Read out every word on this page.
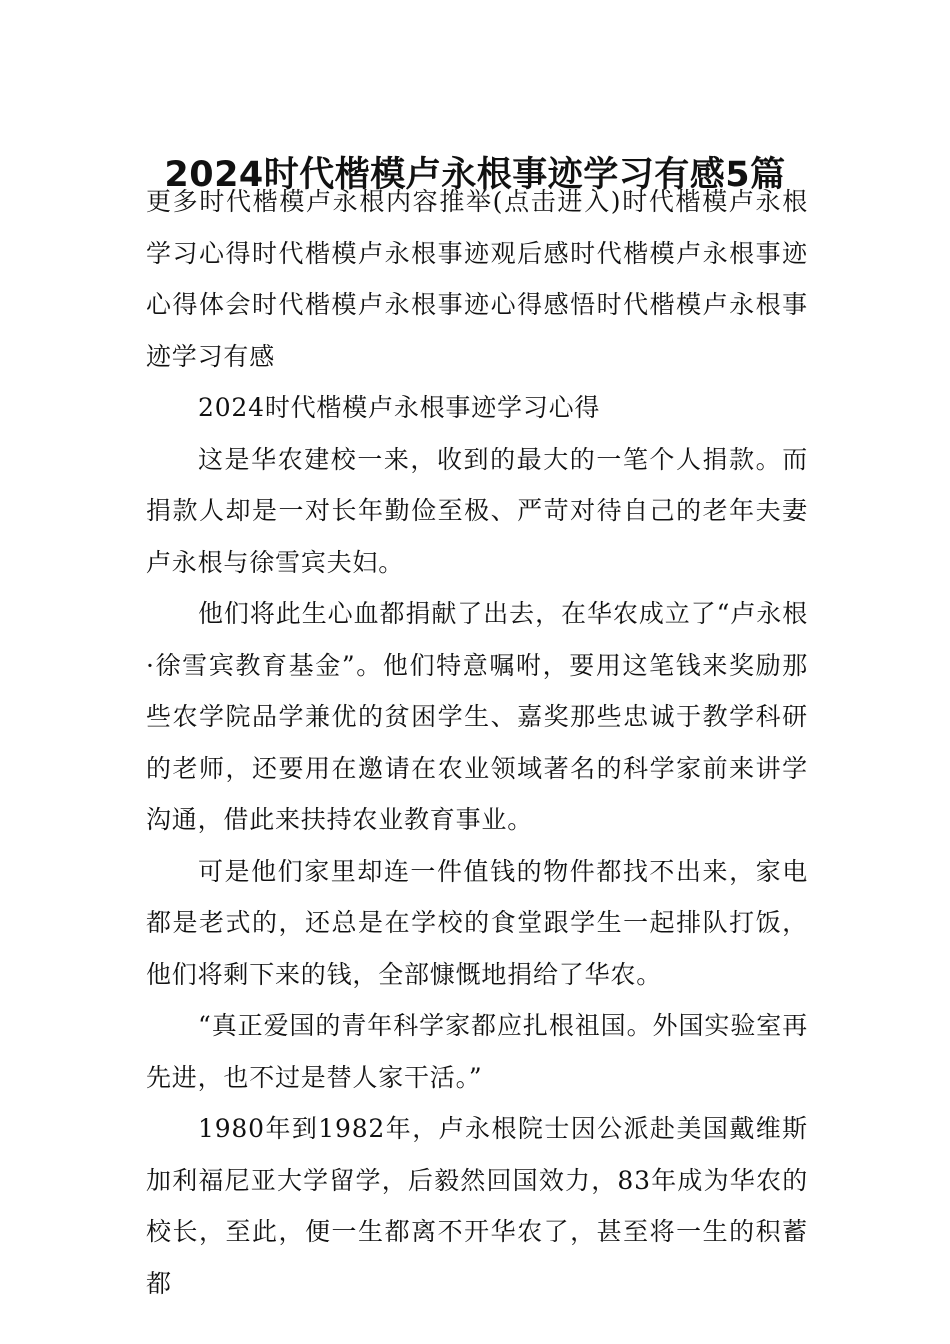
2024时代楷模卢永根事迹学习有感5篇

更多时代楷模卢永根内容推举(点击进入)时代楷模卢永根学习心得时代楷模卢永根事迹观后感时代楷模卢永根事迹心得体会时代楷模卢永根事迹心得感悟时代楷模卢永根事迹学习有感

2024时代楷模卢永根事迹学习心得

这是华农建校一来，收到的最大的一笔个人捐款。而捐款人却是一对长年勤俭至极、严苛对待自己的老年夫妻卢永根与徐雪宾夫妇。

他们将此生心血都捐献了出去，在华农成立了“卢永根·徐雪宾教育基金”。他们特意嘱咐，要用这笔钱来奖励那些农学院品学兼优的贫困学生、嘉奖那些忠诚于教学科研的老师，还要用在邀请在农业领域著名的科学家前来讲学沟通，借此来扶持农业教育事业。

可是他们家里却连一件值钱的物件都找不出来，家电都是老式的，还总是在学校的食堂跟学生一起排队打饭，他们将剩下来的钱，全部慷慨地捐给了华农。

“真正爱国的青年科学家都应扎根祖国。外国实验室再先进，也不过是替人家干活。”

1980年到1982年，卢永根院士因公派赴美国戴维斯加利福尼亚大学留学，后毅然回国效力，83年成为华农的校长，至此，便一生都离不开华农了，甚至将一生的积蓄都
